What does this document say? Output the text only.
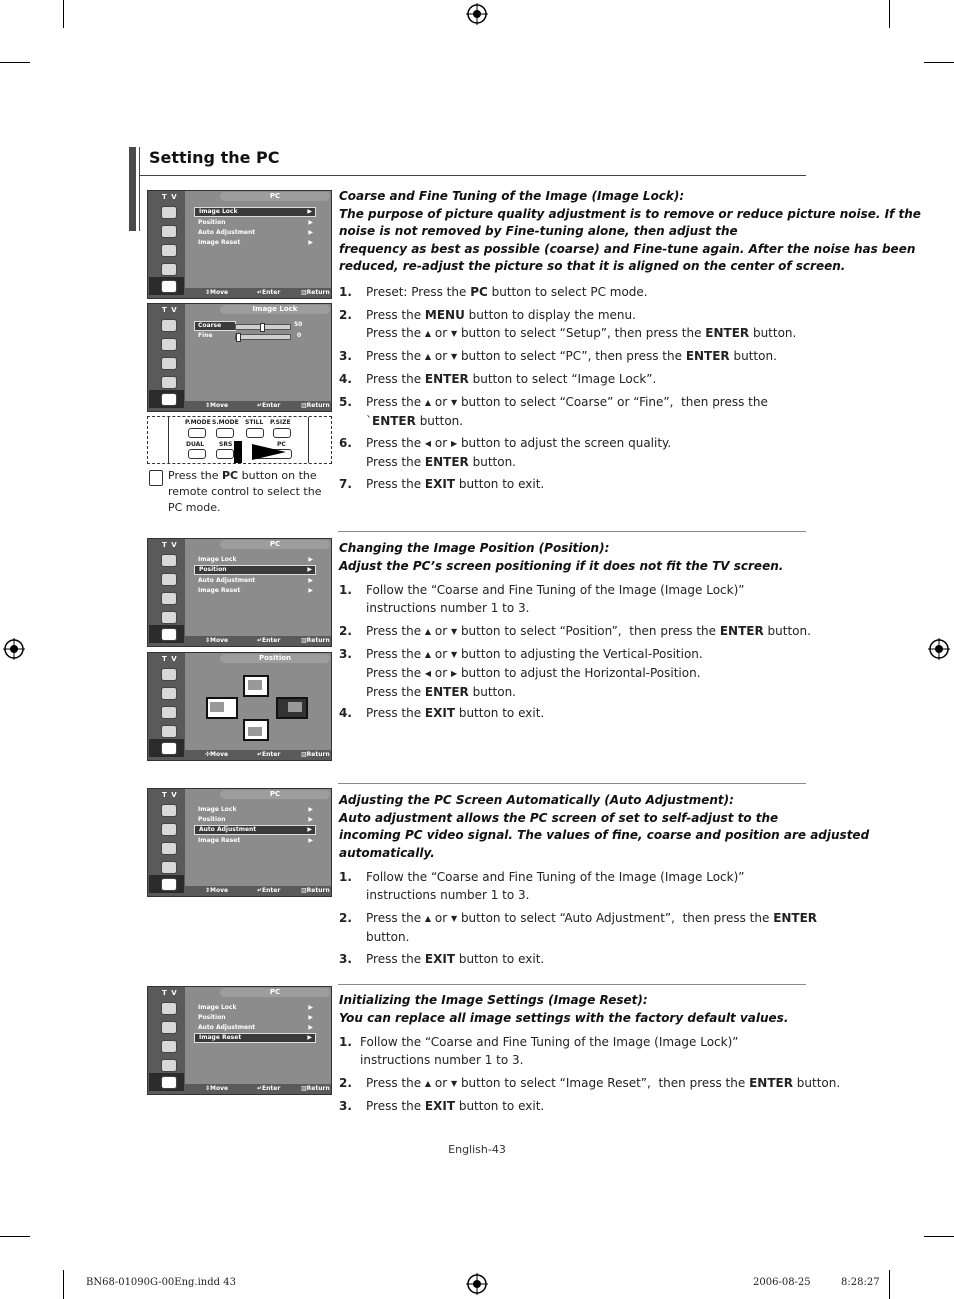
Setting the PC
T V	PC
Image Lock	▶
Position	▶
Auto Adjustment	▶
Image Reset	▶
⇕ Move	↵ Enter	▥ Return
T V	Image Lock
Coarse	50
Fine	0
⇕ Move	↵ Enter	▥ Return
P.MODE S.MODE STILL P.SIZE
DUAL SRS	PC
Press the PC button on the remote control to select the PC mode.
T V	PC
Image Lock	▶
Position	▶
Auto Adjustment	▶
Image Reset	▶
⇕ Move	↵ Enter	▥ Return
T V	Position
✣ Move	↵ Enter	▥ Return
T V	PC
Image Lock	▶
Position	▶
Auto Adjustment	▶
Image Reset	▶
⇕ Move	↵ Enter	▥ Return
T V	PC
Image Lock	▶
Position	▶
Auto Adjustment	▶
Image Reset	▶
⇕ Move	↵ Enter	▥ Return
Coarse and Fine Tuning of the Image (Image Lock):
The purpose of picture quality adjustment is to remove or reduce picture noise. If the
noise is not removed by Fine-tuning alone, then adjust the
frequency as best as possible (coarse) and Fine-tune again. After the noise has been
reduced, re-adjust the picture so that it is aligned on the center of screen.
1. Preset: Press the PC button to select PC mode.
2. Press the MENU button to display the menu.
Press the ▲ or ▼ button to select “Setup”, then press the ENTER button.
3. Press the ▲ or ▼ button to select “PC”, then press the ENTER button.
4. Press the ENTER button to select “Image Lock”.
5. Press the ▲ or ▼ button to select “Coarse” or “Fine”,  then press the
`ENTER button.
6. Press the ◀ or ▶ button to adjust the screen quality.
Press the ENTER button.
7. Press the EXIT button to exit.
Changing the Image Position (Position):
Adjust the PC’s screen positioning if it does not fit the TV screen.
1. Follow the “Coarse and Fine Tuning of the Image (Image Lock)”
instructions number 1 to 3.
2. Press the ▲ or ▼ button to select “Position”,  then press the ENTER button.
3. Press the ▲ or ▼ button to adjusting the Vertical-Position.
Press the ◀ or ▶ button to adjust the Horizontal-Position.
Press the ENTER button.
4. Press the EXIT button to exit.
Adjusting the PC Screen Automatically (Auto Adjustment):
Auto adjustment allows the PC screen of set to self-adjust to the
incoming PC video signal. The values of fine, coarse and position are adjusted
automatically.
1. Follow the “Coarse and Fine Tuning of the Image (Image Lock)”
instructions number 1 to 3.
2. Press the ▲ or ▼ button to select “Auto Adjustment”,  then press the ENTER
button.
3. Press the EXIT button to exit.
Initializing the Image Settings (Image Reset):
You can replace all image settings with the factory default values.
1. Follow the “Coarse and Fine Tuning of the Image (Image Lock)”
instructions number 1 to 3.
2. Press the ▲ or ▼ button to select “Image Reset”,  then press the ENTER button.
3. Press the EXIT button to exit.
English-43
BN68-01090G-00Eng.indd 43	2006-08-25	8:28:27
